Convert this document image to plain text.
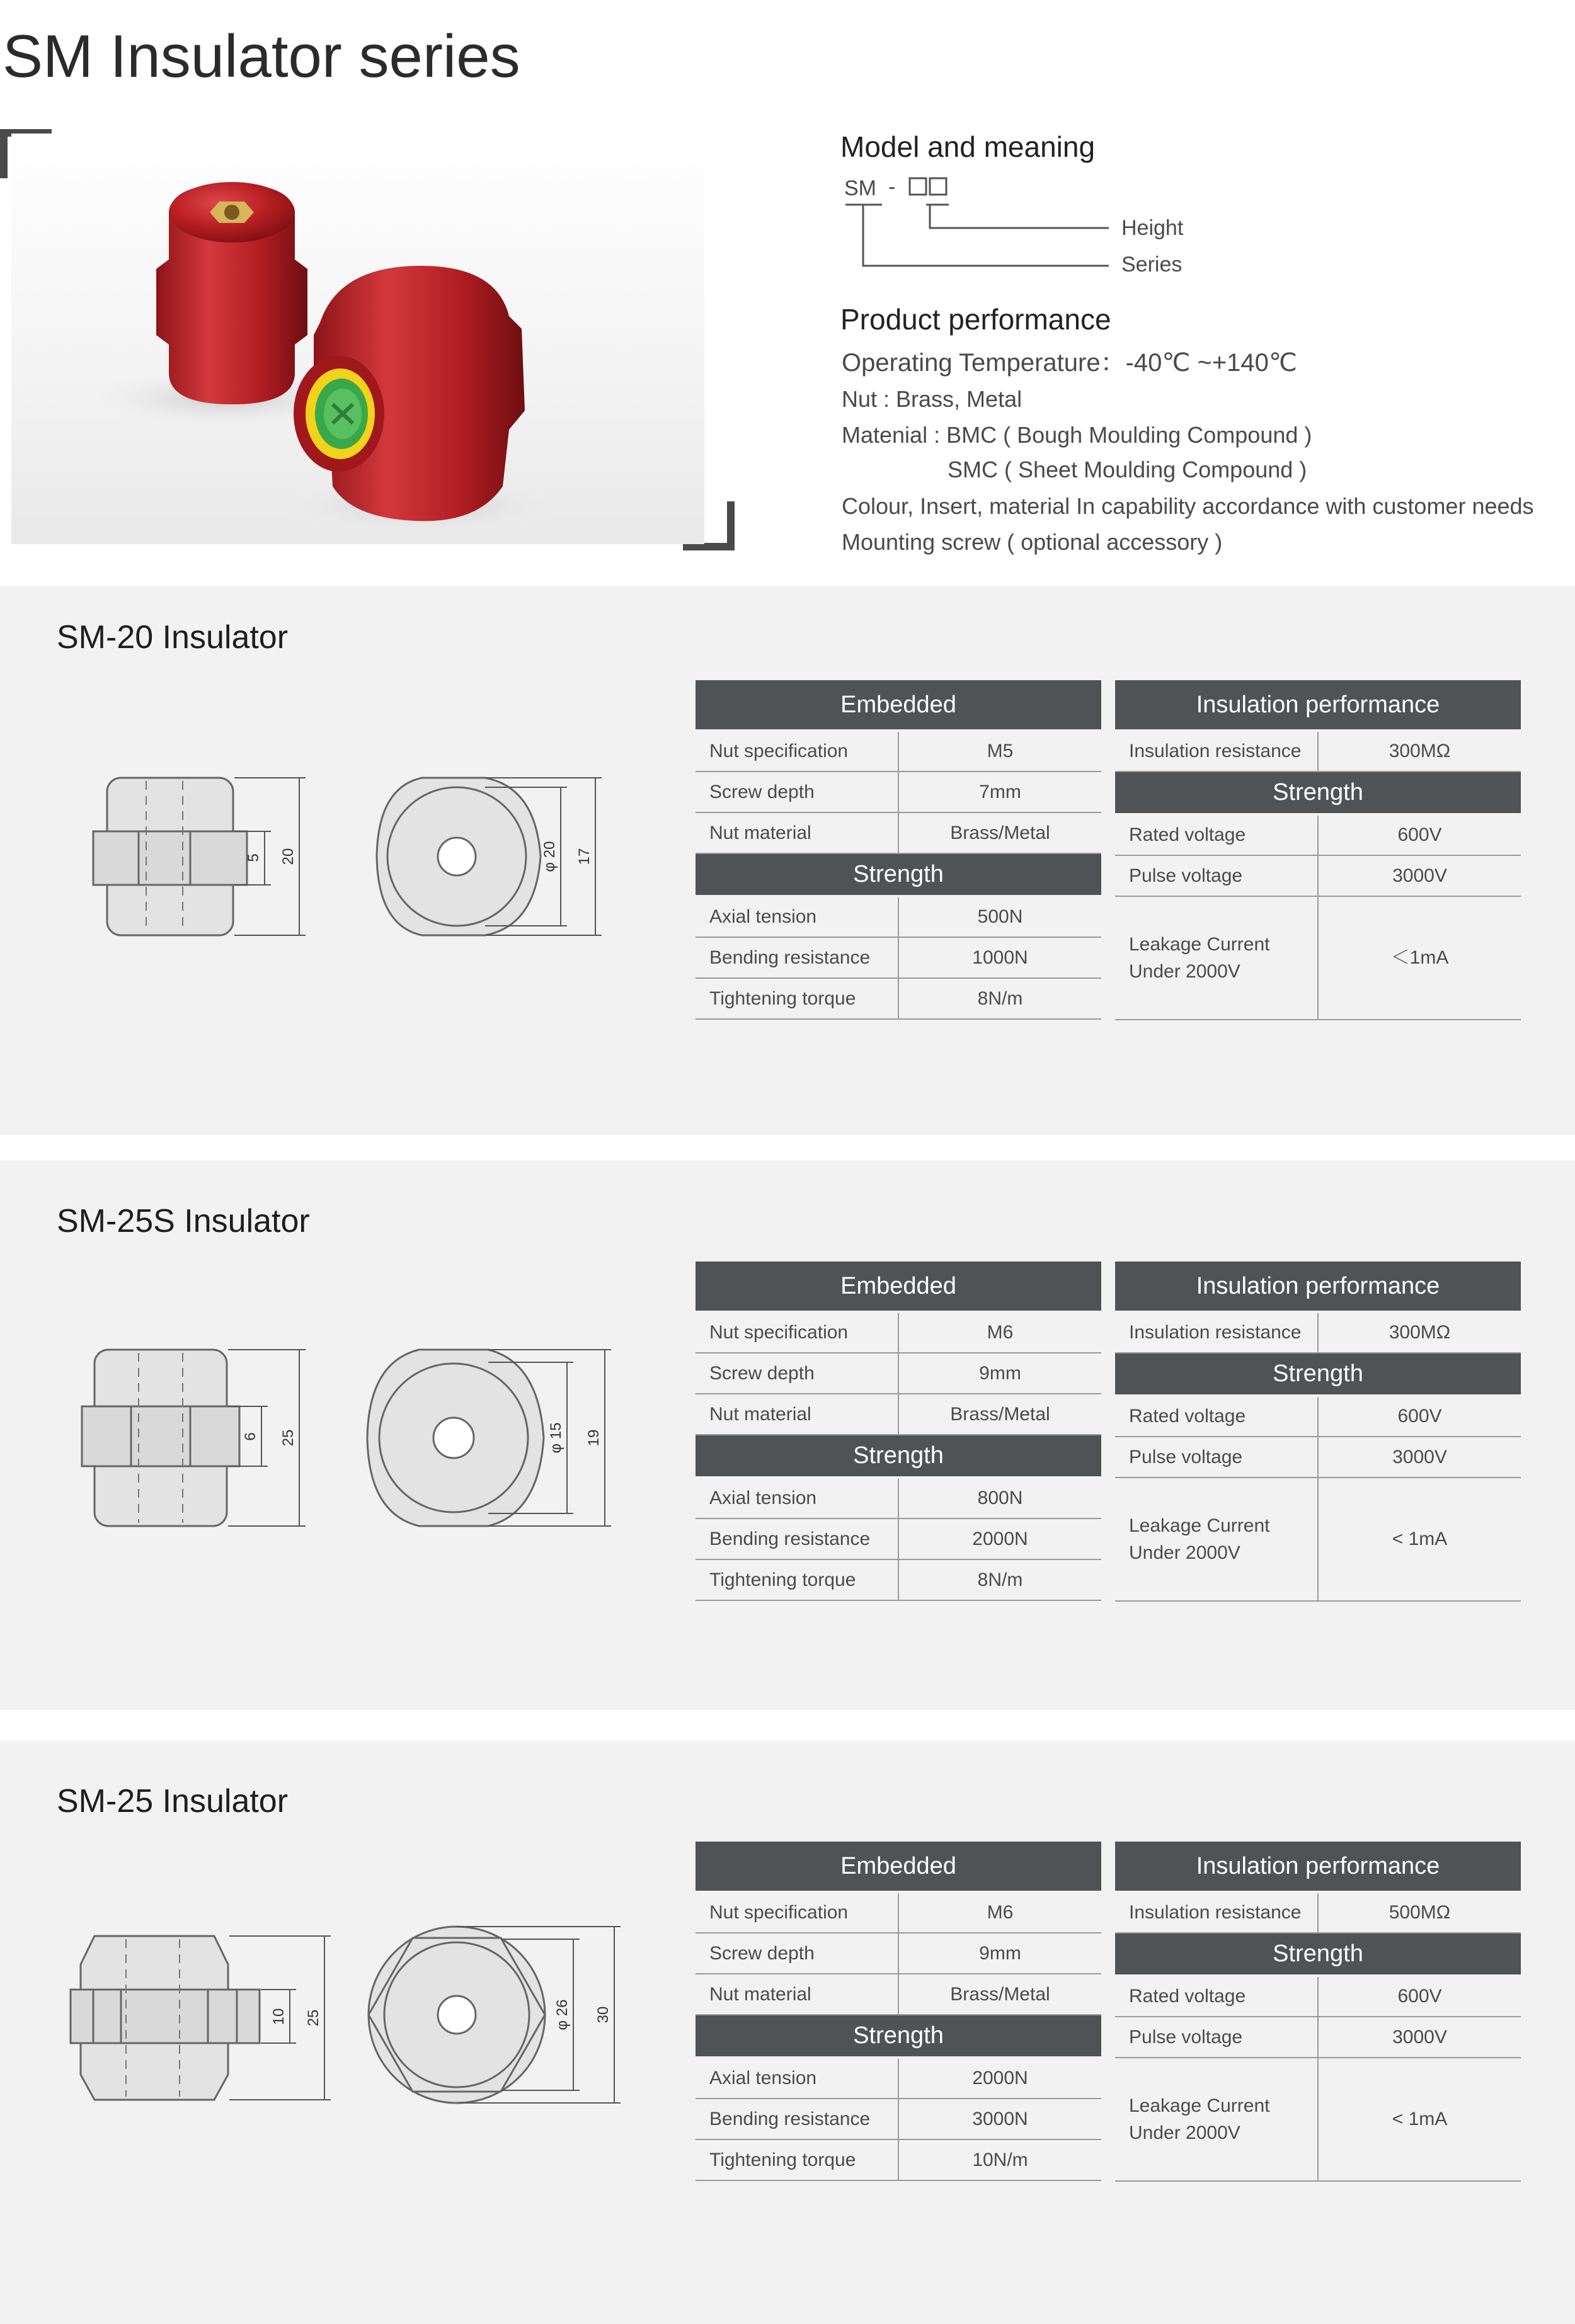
SM Insulator series
Model and meaning
SM -
Height
Series
Product performance
Operating Temperature：-40℃ ~+140℃
Nut : Brass, Metal
Matenial : BMC ( Bough Moulding Compound )
SMC ( Sheet Moulding Compound )
Colour, Insert, material In capability accordance with customer needs
Mounting screw ( optional accessory )
SM-20 Insulator
5 20	φ 20 17
Embedded	
Nut specification	M5
Screw depth	7mm
Nut material	Brass/Metal
Strength	
Axial tension	500N
Bending resistance	1000N
Tightening torque	8N/m
Insulation performance	
Insulation resistance	300MΩ
Strength	
Rated voltage	600V
Pulse voltage	3000V
Leakage Current
Under 2000V	＜1mA
SM-25S Insulator
6 25	φ 15 19
Embedded	
Nut specification	M6
Screw depth	9mm
Nut material	Brass/Metal
Strength	
Axial tension	800N
Bending resistance	2000N
Tightening torque	8N/m
Insulation performance	
Insulation resistance	300MΩ
Strength	
Rated voltage	600V
Pulse voltage	3000V
Leakage Current
Under 2000V	< 1mA
SM-25 Insulator
10 25	φ 26 30
Embedded	
Nut specification	M6
Screw depth	9mm
Nut material	Brass/Metal
Strength	
Axial tension	2000N
Bending resistance	3000N
Tightening torque	10N/m
Insulation performance	
Insulation resistance	500MΩ
Strength	
Rated voltage	600V
Pulse voltage	3000V
Leakage Current
Under 2000V	< 1mA
